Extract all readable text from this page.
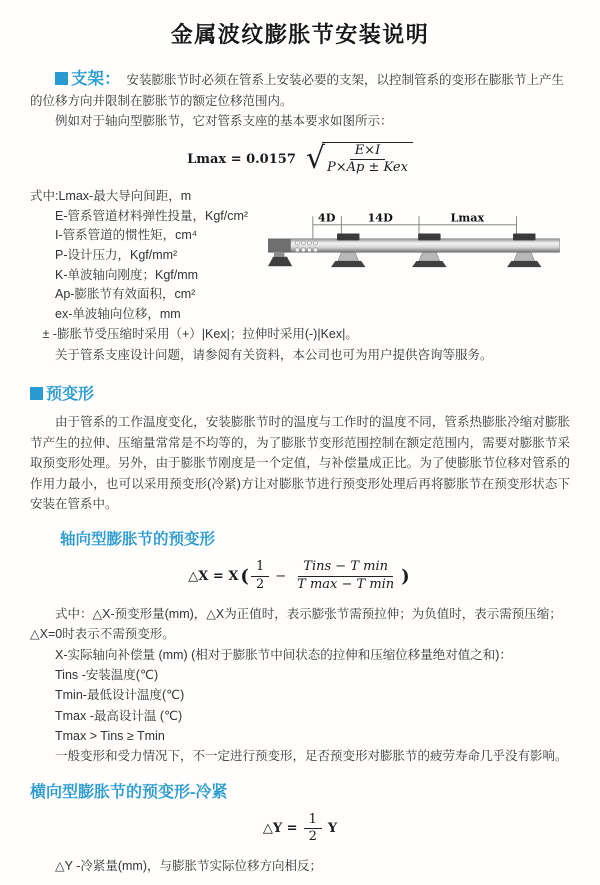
金属波纹膨胀节安装说明

支架： 安装膨胀节时必须在管系上安装必要的支架，以控制管系的变形在膨胀节上产生的位移方向并限制在膨胀节的额定位移范围内。

例如对于轴向型膨胀节，它对管系支座的基本要求如图所示：

Lmax = 0.0157 √
$\frac{E\times I}{\text{P×Ap ± Kex}}$
式中:Lmax-最大导向间距，m
E-管系管道材料弹性投量，Kgf/cm²
I-管系管道的惯性矩，cm⁴
P-设计压力，Kgf/mm²
K-单波轴向刚度；Kgf/mm
Ap-膨胀节有效面积，cm²
ex-单波轴向位移，mm
4D 14D	Lmax

± -膨胀节受压缩时采用（+）|Kex|；拉伸时采用(-)|Kex|。

关于管系支座设计问题，请参阅有关资料，本公司也可为用户提供咨询等服务。

预变形

由于管系的工作温度变化，安装膨胀节时的温度与工作时的温度不同，管系热膨胀冷缩对膨胀节产生的拉伸、压缩量常常是不均等的，为了膨胀节变形范围控制在额定范围内，需要对膨胀节采取预变形处理。另外，由于膨胀节刚度是一个定值，与补偿量成正比。为了使膨胀节位移对管系的作用力最小，也可以采用预变形(冷紧)方让对膨胀节进行预变形处理后再将膨胀节在预变形状态下安装在管系中。

轴向型膨胀节的预变形
△X = X ( $\frac{1}{2} - \frac{\text{Tins − T min}}{\text{T max − T min}}$ )

式中：△X-预变形量(mm)，△X为正值时，表示膨张节需预拉伸；为负值时，表示需预压缩；△X=0时表示不需预变形。

X-实际轴向补偿量 (mm) (相对于膨胀节中间状态的拉伸和压缩位移量绝对值之和)：
Tins -安装温度(℃)
Tmin-最低设计温度(℃)
Tmax -最高设计温 (℃)
Tmax > Tins ≥ Tmin
一般变形和受力情况下，不一定进行预变形，足否预变形对膨胀节的疲劳寿命几乎没有影响。
横向型膨胀节的预变形-冷紧
△Y = $\frac{1}{2}$ Y

△Y -冷紧量(mm)，与膨胀节实际位移方向相反；
